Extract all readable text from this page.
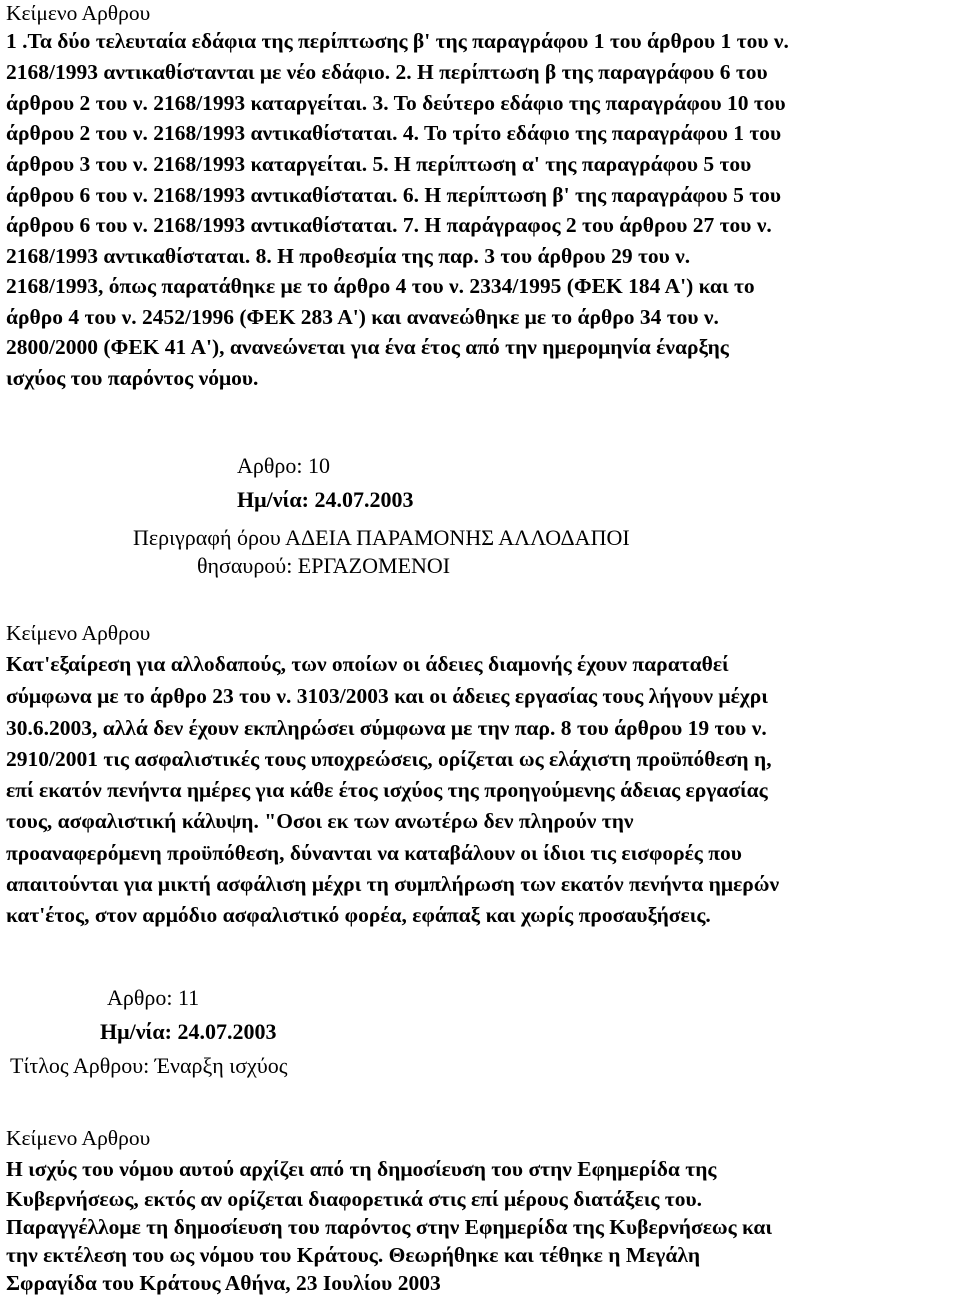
Κείμενο Αρθρου

1 .Τα δύο τελευταία εδάφια της περίπτωσης β' της παραγράφου 1 του άρθρου 1 του ν.

2168/1993 αντικαθίστανται με νέο εδάφιο. 2. Η περίπτωση β της παραγράφου 6 του

άρθρου 2 του ν. 2168/1993 καταργείται. 3. Το δεύτερο εδάφιο της παραγράφου 10 του

άρθρου 2 του ν. 2168/1993 αντικαθίσταται. 4. Το τρίτο εδάφιο της παραγράφου 1 του

άρθρου 3 του ν. 2168/1993 καταργείται. 5. Η περίπτωση α' της παραγράφου 5 του

άρθρου 6 του ν. 2168/1993 αντικαθίσταται. 6. Η περίπτωση β' της παραγράφου 5 του

άρθρου 6 του ν. 2168/1993 αντικαθίσταται. 7. Η παράγραφος 2 του άρθρου 27 του ν.

2168/1993 αντικαθίσταται. 8. Η προθεσμία της παρ. 3 του άρθρου 29 του ν.

2168/1993, όπως παρατάθηκε με το άρθρο 4 του ν. 2334/1995 (ΦΕΚ 184 Α') και το

άρθρο 4 του ν. 2452/1996 (ΦΕΚ 283 Α') και ανανεώθηκε με το άρθρο 34 του ν.

2800/2000 (ΦΕΚ 41 Α'), ανανεώνεται για ένα έτος από την ημερομηνία έναρξης

ισχύος του παρόντος νόμου.

Αρθρο: 10

Ημ/νία: 24.07.2003

Περιγραφή όρου ΑΔΕΙΑ ΠΑΡΑΜΟΝΗΣ ΑΛΛΟΔΑΠΟΙ

θησαυρού: ΕΡΓΑΖΟΜΕΝΟΙ

Κείμενο Αρθρου

Κατ'εξαίρεση για αλλοδαπούς, των οποίων οι άδειες διαμονής έχουν παραταθεί

σύμφωνα με το άρθρο 23 του ν. 3103/2003 και οι άδειες εργασίας τους λήγουν μέχρι

30.6.2003, αλλά δεν έχουν εκπληρώσει σύμφωνα με την παρ. 8 του άρθρου 19 του ν.

2910/2001 τις ασφαλιστικές τους υποχρεώσεις, ορίζεται ως ελάχιστη προϋπόθεση η,

επί εκατόν πενήντα ημέρες για κάθε έτος ισχύος της προηγούμενης άδειας εργασίας

τους, ασφαλιστική κάλυψη. "Οσοι εκ των ανωτέρω δεν πληρούν την

προαναφερόμενη προϋπόθεση, δύνανται να καταβάλουν οι ίδιοι τις εισφορές που

απαιτούνται για μικτή ασφάλιση μέχρι τη συμπλήρωση των εκατόν πενήντα ημερών

κατ'έτος, στον αρμόδιο ασφαλιστικό φορέα, εφάπαξ και χωρίς προσαυξήσεις.

Αρθρο: 11

Ημ/νία: 24.07.2003

Τίτλος Αρθρου: Έναρξη ισχύος

Κείμενο Αρθρου

Η ισχύς του νόμου αυτού αρχίζει από τη δημοσίευση του στην Εφημερίδα της

Κυβερνήσεως, εκτός αν ορίζεται διαφορετικά στις επί μέρους διατάξεις του.

Παραγγέλλομε τη δημοσίευση του παρόντος στην Εφημερίδα της Κυβερνήσεως και

την εκτέλεση του ως νόμου του Κράτους. Θεωρήθηκε και τέθηκε η Μεγάλη

Σφραγίδα του Κράτους Αθήνα, 23 Ιουλίου 2003
